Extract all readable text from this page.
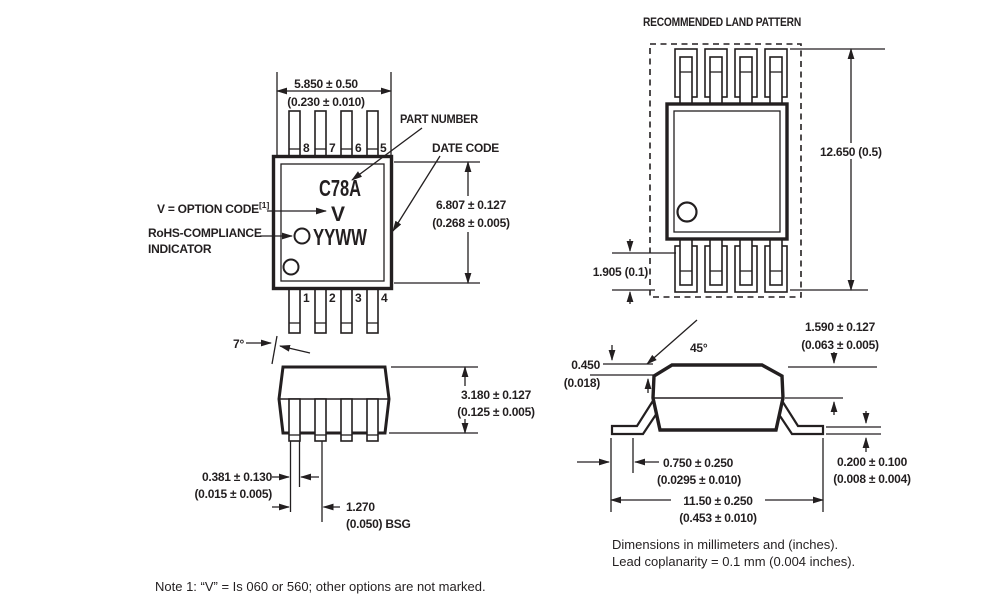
8 7 6 5
1 2 3 4
C78A
V
YYWW
5.850 ± 0.50
(0.230 ± 0.010)
6.807 ± 0.127
(0.268 ± 0.005)
PART NUMBER
DATE CODE
V = OPTION CODE[1]
RoHS-COMPLIANCE
INDICATOR
7°
3.180 ± 0.127
(0.125 ± 0.005)
0.381 ± 0.130
(0.015 ± 0.005)
1.270
(0.050) BSG
RECOMMENDED LAND PATTERN
12.650 (0.5)
1.905 (0.1)
45°
0.450
(0.018)
1.590 ± 0.127
(0.063 ± 0.005)
0.200 ± 0.100
(0.008 ± 0.004)
0.750 ± 0.250
(0.0295 ± 0.010)
11.50 ± 0.250
(0.453 ± 0.010)
Dimensions in millimeters and (inches).
Lead coplanarity = 0.1 mm (0.004 inches).
Note 1: “V” = Is 060 or 560; other options are not marked.
